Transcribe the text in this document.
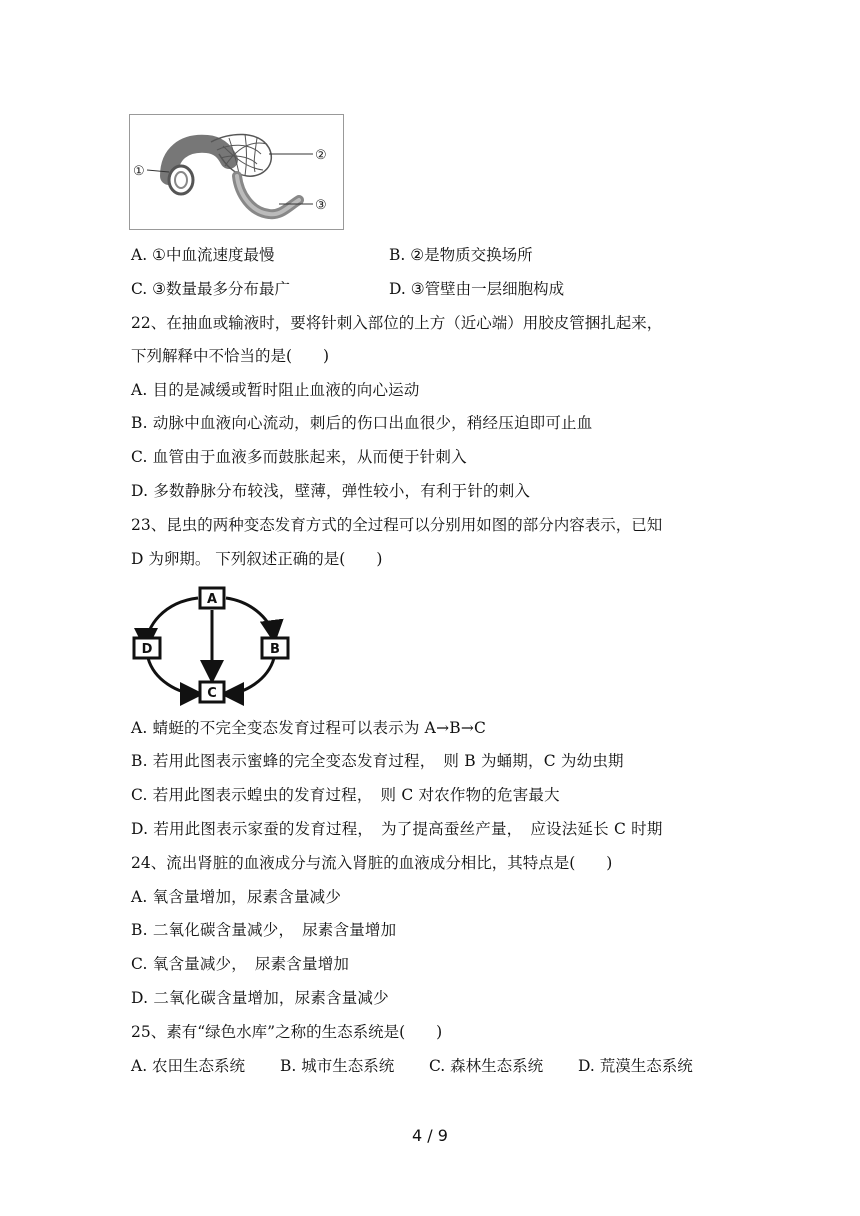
①
②
③
A. ①中血流速度最慢	B. ②是物质交换场所
C. ③数量最多分布最广	D. ③管壁由一层细胞构成
22、在抽血或输液时，要将针刺入部位的上方（近心端）用胶皮管捆扎起来，
下列解释中不恰当的是(　　)
A. 目的是减缓或暂时阻止血液的向心运动
B. 动脉中血液向心流动，刺后的伤口出血很少，稍经压迫即可止血
C. 血管由于血液多而鼓胀起来，从而便于针刺入
D. 多数静脉分布较浅，壁薄，弹性较小，有利于针的刺入
23、昆虫的两种变态发育方式的全过程可以分别用如图的部分内容表示，已知
D 为卵期。 下列叙述正确的是(　　)
A
B
C
D
A. 蜻蜓的不完全变态发育过程可以表示为 A→B→C
B. 若用此图表示蜜蜂的完全变态发育过程，　则 B 为蛹期，C 为幼虫期
C. 若用此图表示蝗虫的发育过程，　则 C 对农作物的危害最大
D. 若用此图表示家蚕的发育过程，　为了提高蚕丝产量，　应设法延长 C 时期
24、流出肾脏的血液成分与流入肾脏的血液成分相比，其特点是(　　)
A. 氧含量增加，尿素含量减少
B. 二氧化碳含量减少，　尿素含量增加
C. 氧含量减少，　尿素含量增加
D. 二氧化碳含量增加，尿素含量减少
25、素有“绿色水库”之称的生态系统是(　　)
A. 农田生态系统 B. 城市生态系统 C. 森林生态系统 D. 荒漠生态系统
4 / 9
